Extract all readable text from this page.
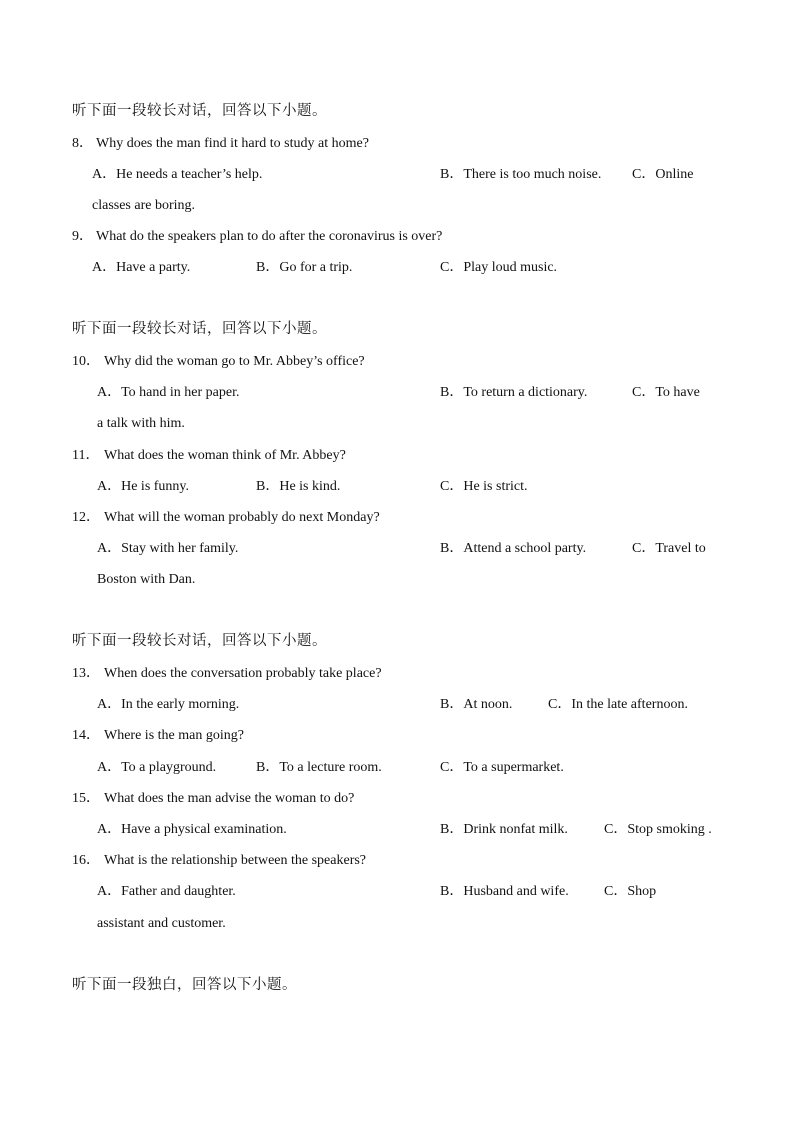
听下面一段较长对话，回答以下小题。
8． Why does the man find it hard to study at home?
A．He needs a teacher’s help.	B．There is too much noise. C．Online
classes are boring.
9． What do the speakers plan to do after the coronavirus is over?
A．Have a party.	B．Go for a trip.	C．Play loud music.
听下面一段较长对话，回答以下小题。
10． Why did the woman go to Mr. Abbey’s office?
A．To hand in her paper.	B．To return a dictionary.	C．To have
a talk with him.
11． What does the woman think of Mr. Abbey?
A．He is funny.	B．He is kind.	C．He is strict.
12． What will the woman probably do next Monday?
A．Stay with her family.	B．Attend a school party.	C．Travel to
Boston with Dan.
听下面一段较长对话，回答以下小题。
13． When does the conversation probably take place?
A．In the early morning.	B．At noon.	C．In the late afternoon.
14． Where is the man going?
A．To a playground.	B．To a lecture room.	C．To a supermarket.
15． What does the man advise the woman to do?
A．Have a physical examination.	B．Drink nonfat milk.	C．Stop smoking .
16． What is the relationship between the speakers?
A．Father and daughter.	B．Husband and wife.	C．Shop
assistant and customer.
听下面一段独白，回答以下小题。
